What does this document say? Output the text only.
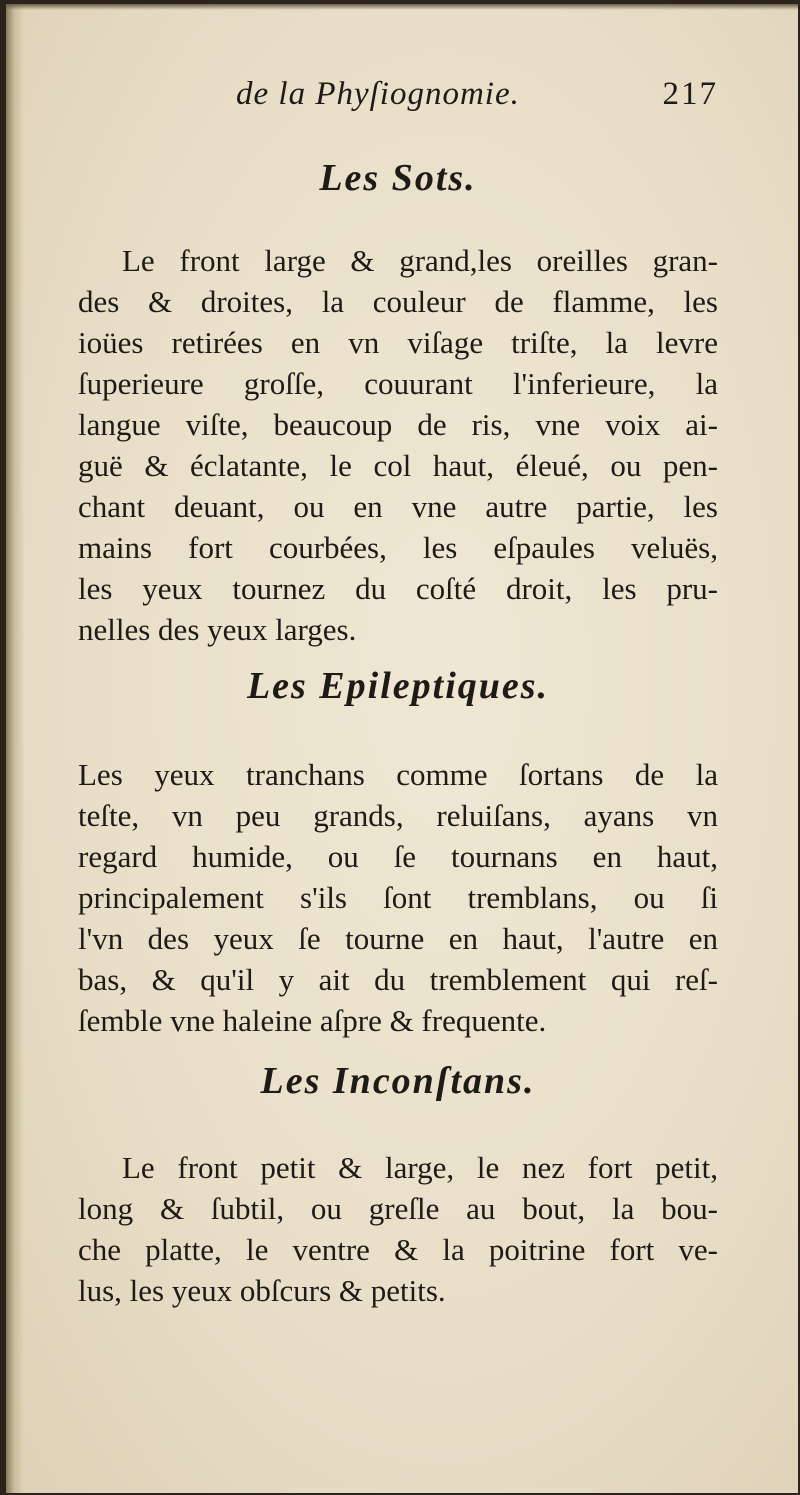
de la Phyſiognomie.	217
Les Sots.

Le front large & grand,les oreilles gran-
des & droites, la couleur de flamme, les
ioües retirées en vn viſage triſte, la levre
ſuperieure groſſe, couurant l'inferieure, la
langue viſte, beaucoup de ris, vne voix ai-
guë & éclatante, le col haut, éleué, ou pen-
chant deuant, ou en vne autre partie, les
mains fort courbées, les eſpaules veluës,
les yeux tournez du coſté droit, les pru-
nelles des yeux larges.

Les Epileptiques.

Les yeux tranchans comme ſortans de la
teſte, vn peu grands, reluiſans, ayans vn
regard humide, ou ſe tournans en haut,
principalement s'ils ſont tremblans, ou ſi
l'vn des yeux ſe tourne en haut, l'autre en
bas, & qu'il y ait du tremblement qui reſ-
ſemble vne haleine aſpre & frequente.

Les Inconſtans.

Le front petit & large, le nez fort petit,
long & ſubtil, ou greſle au bout, la bou-
che platte, le ventre & la poitrine fort ve-
lus, les yeux obſcurs & petits.
